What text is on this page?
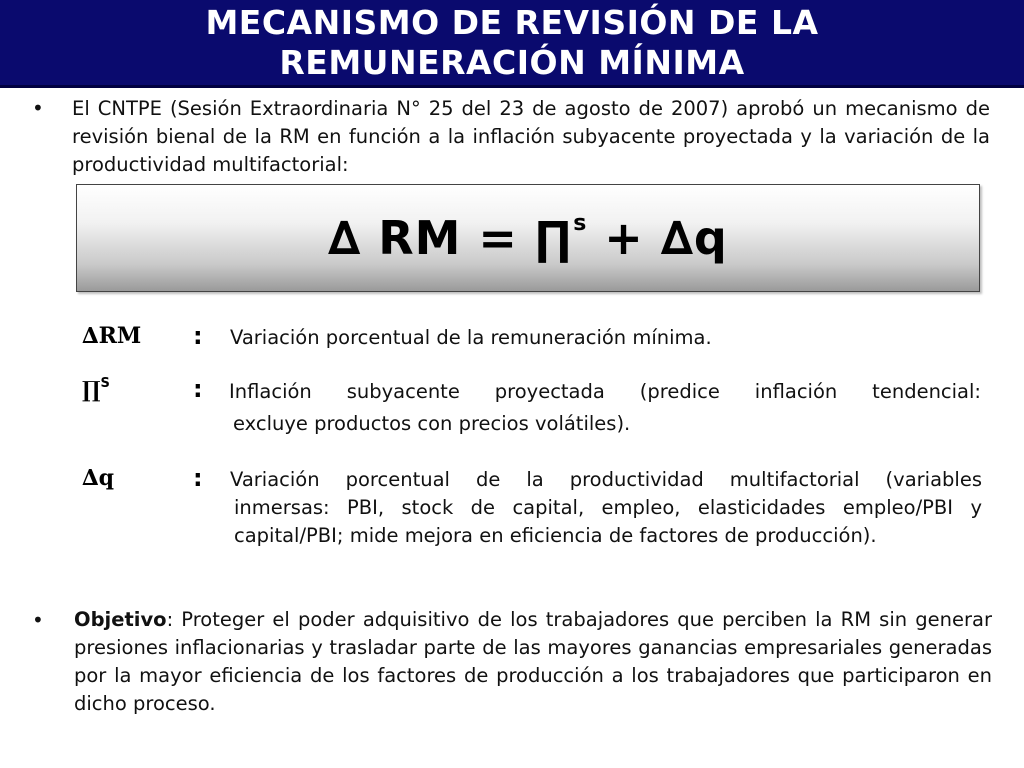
MECANISMO DE REVISIÓN DE LA
REMUNERACIÓN MÍNIMA
• El CNTPE (Sesión Extraordinaria N° 25 del 23 de agosto de 2007) aprobó un mecanismo de revisión bienal de la RM en función a la inflación subyacente proyectada y la variación de la productividad multifactorial:

∆ RM = ∏$^s$ + ∆q
∆RM : Variación porcentual de la remuneración mínima.

∏$^S$	: Inflación subyacente proyectada (predice inflación tendencial:

excluye productos con precios volátiles).

∆q	: Variación porcentual de la productividad multifactorial (variables

inmersas: PBI, stock de capital, empleo, elasticidades empleo/PBI y capital/PBI; mide mejora en eficiencia de factores de producción).

• Objetivo: Proteger el poder adquisitivo de los trabajadores que perciben la RM sin generar presiones inflacionarias y trasladar parte de las mayores ganancias empresariales generadas por la mayor eficiencia de los factores de producción a los trabajadores que participaron en dicho proceso.
